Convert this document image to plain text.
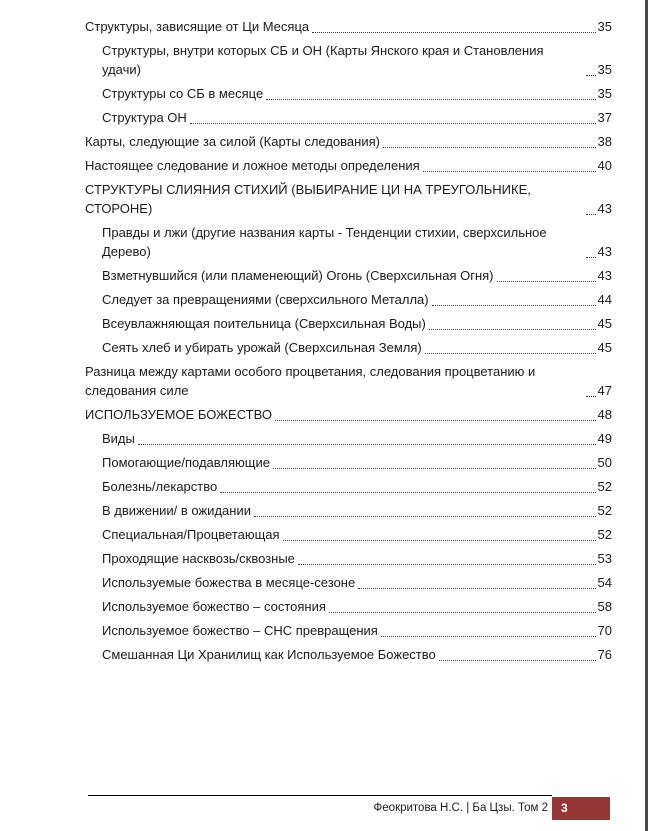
Структуры, зависящие от Ци Месяца	35
Структуры, внутри которых СБ и ОН (Карты Янского края и Становления удачи)	35
Структуры со СБ в месяце	35
Структура ОН	37
Карты, следующие за силой (Карты следования)	38
Настоящее следование и ложное методы определения	40
СТРУКТУРЫ СЛИЯНИЯ СТИХИЙ (ВЫБИРАНИЕ ЦИ НА ТРЕУГОЛЬНИКЕ, СТОРОНЕ)	43
Правды и лжи (другие названия карты - Тенденции стихии, сверхсильное Дерево)	43
Взметнувшийся (или пламенеющий) Огонь (Сверхсильная Огня)	43
Следует за превращениями (сверхсильного Металла)	44
Всеувлажняющая поительница (Сверхсильная Воды)	45
Сеять хлеб и убирать урожай (Сверхсильная Земля)	45
Разница между картами особого процветания, следования процветанию и следования силе	47
ИСПОЛЬЗУЕМОЕ БОЖЕСТВО	48
Виды	49
Помогающие/подавляющие	50
Болезнь/лекарство	52
В движении/ в ожидании	52
Специальная/Процветающая	52
Проходящие насквозь/сквозные	53
Используемые божества в месяце-сезоне	54
Используемое божество – состояния	58
Используемое божество – СНС превращения	70
Смешанная Ци Хранилищ как Используемое Божество	76
Феокритова Н.С. | Ба Цзы. Том 2	3
